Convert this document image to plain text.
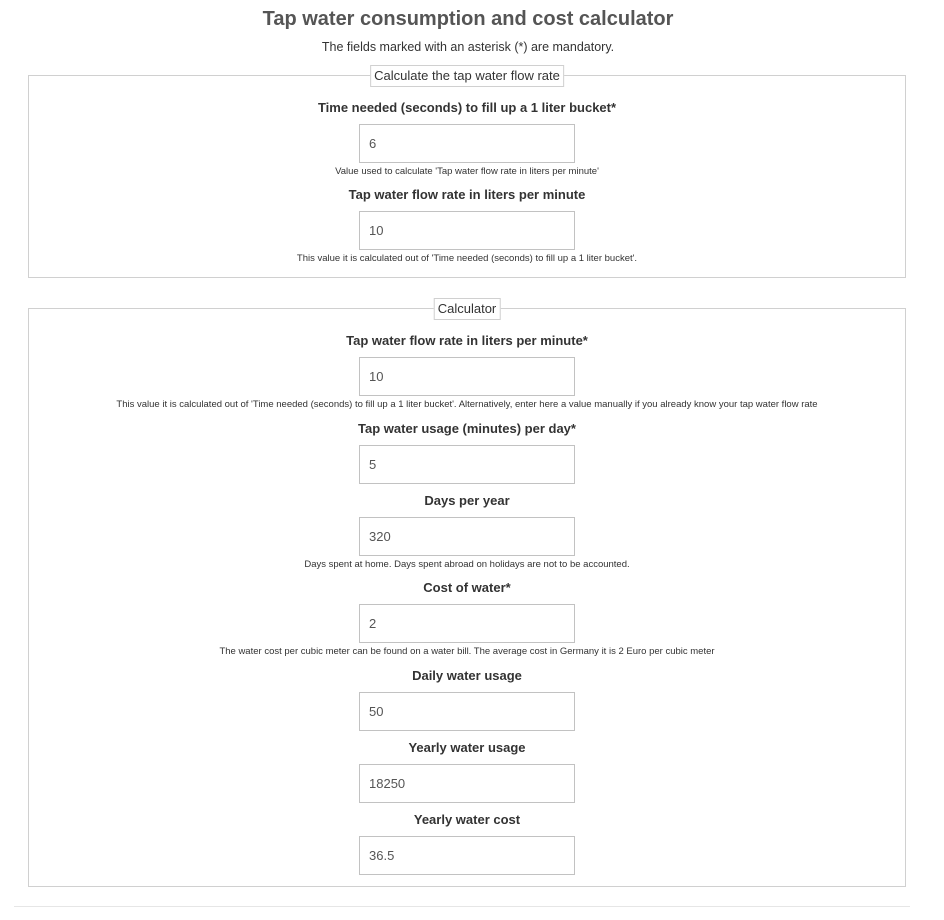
Tap water consumption and cost calculator

The fields marked with an asterisk (*) are mandatory.

Calculate the tap water flow rate
Time needed (seconds) to fill up a 1 liter bucket*
6
Value used to calculate 'Tap water flow rate in liters per minute'
Tap water flow rate in liters per minute
10
This value it is calculated out of 'Time needed (seconds) to fill up a 1 liter bucket'.
Calculator
Tap water flow rate in liters per minute*
10
This value it is calculated out of 'Time needed (seconds) to fill up a 1 liter bucket'. Alternatively, enter here a value manually if you already know your tap water flow rate
Tap water usage (minutes) per day*
5
Days per year
320
Days spent at home. Days spent abroad on holidays are not to be accounted.
Cost of water*
2
The water cost per cubic meter can be found on a water bill. The average cost in Germany it is 2 Euro per cubic meter
Daily water usage
50
Yearly water usage
18250
Yearly water cost
36.5
